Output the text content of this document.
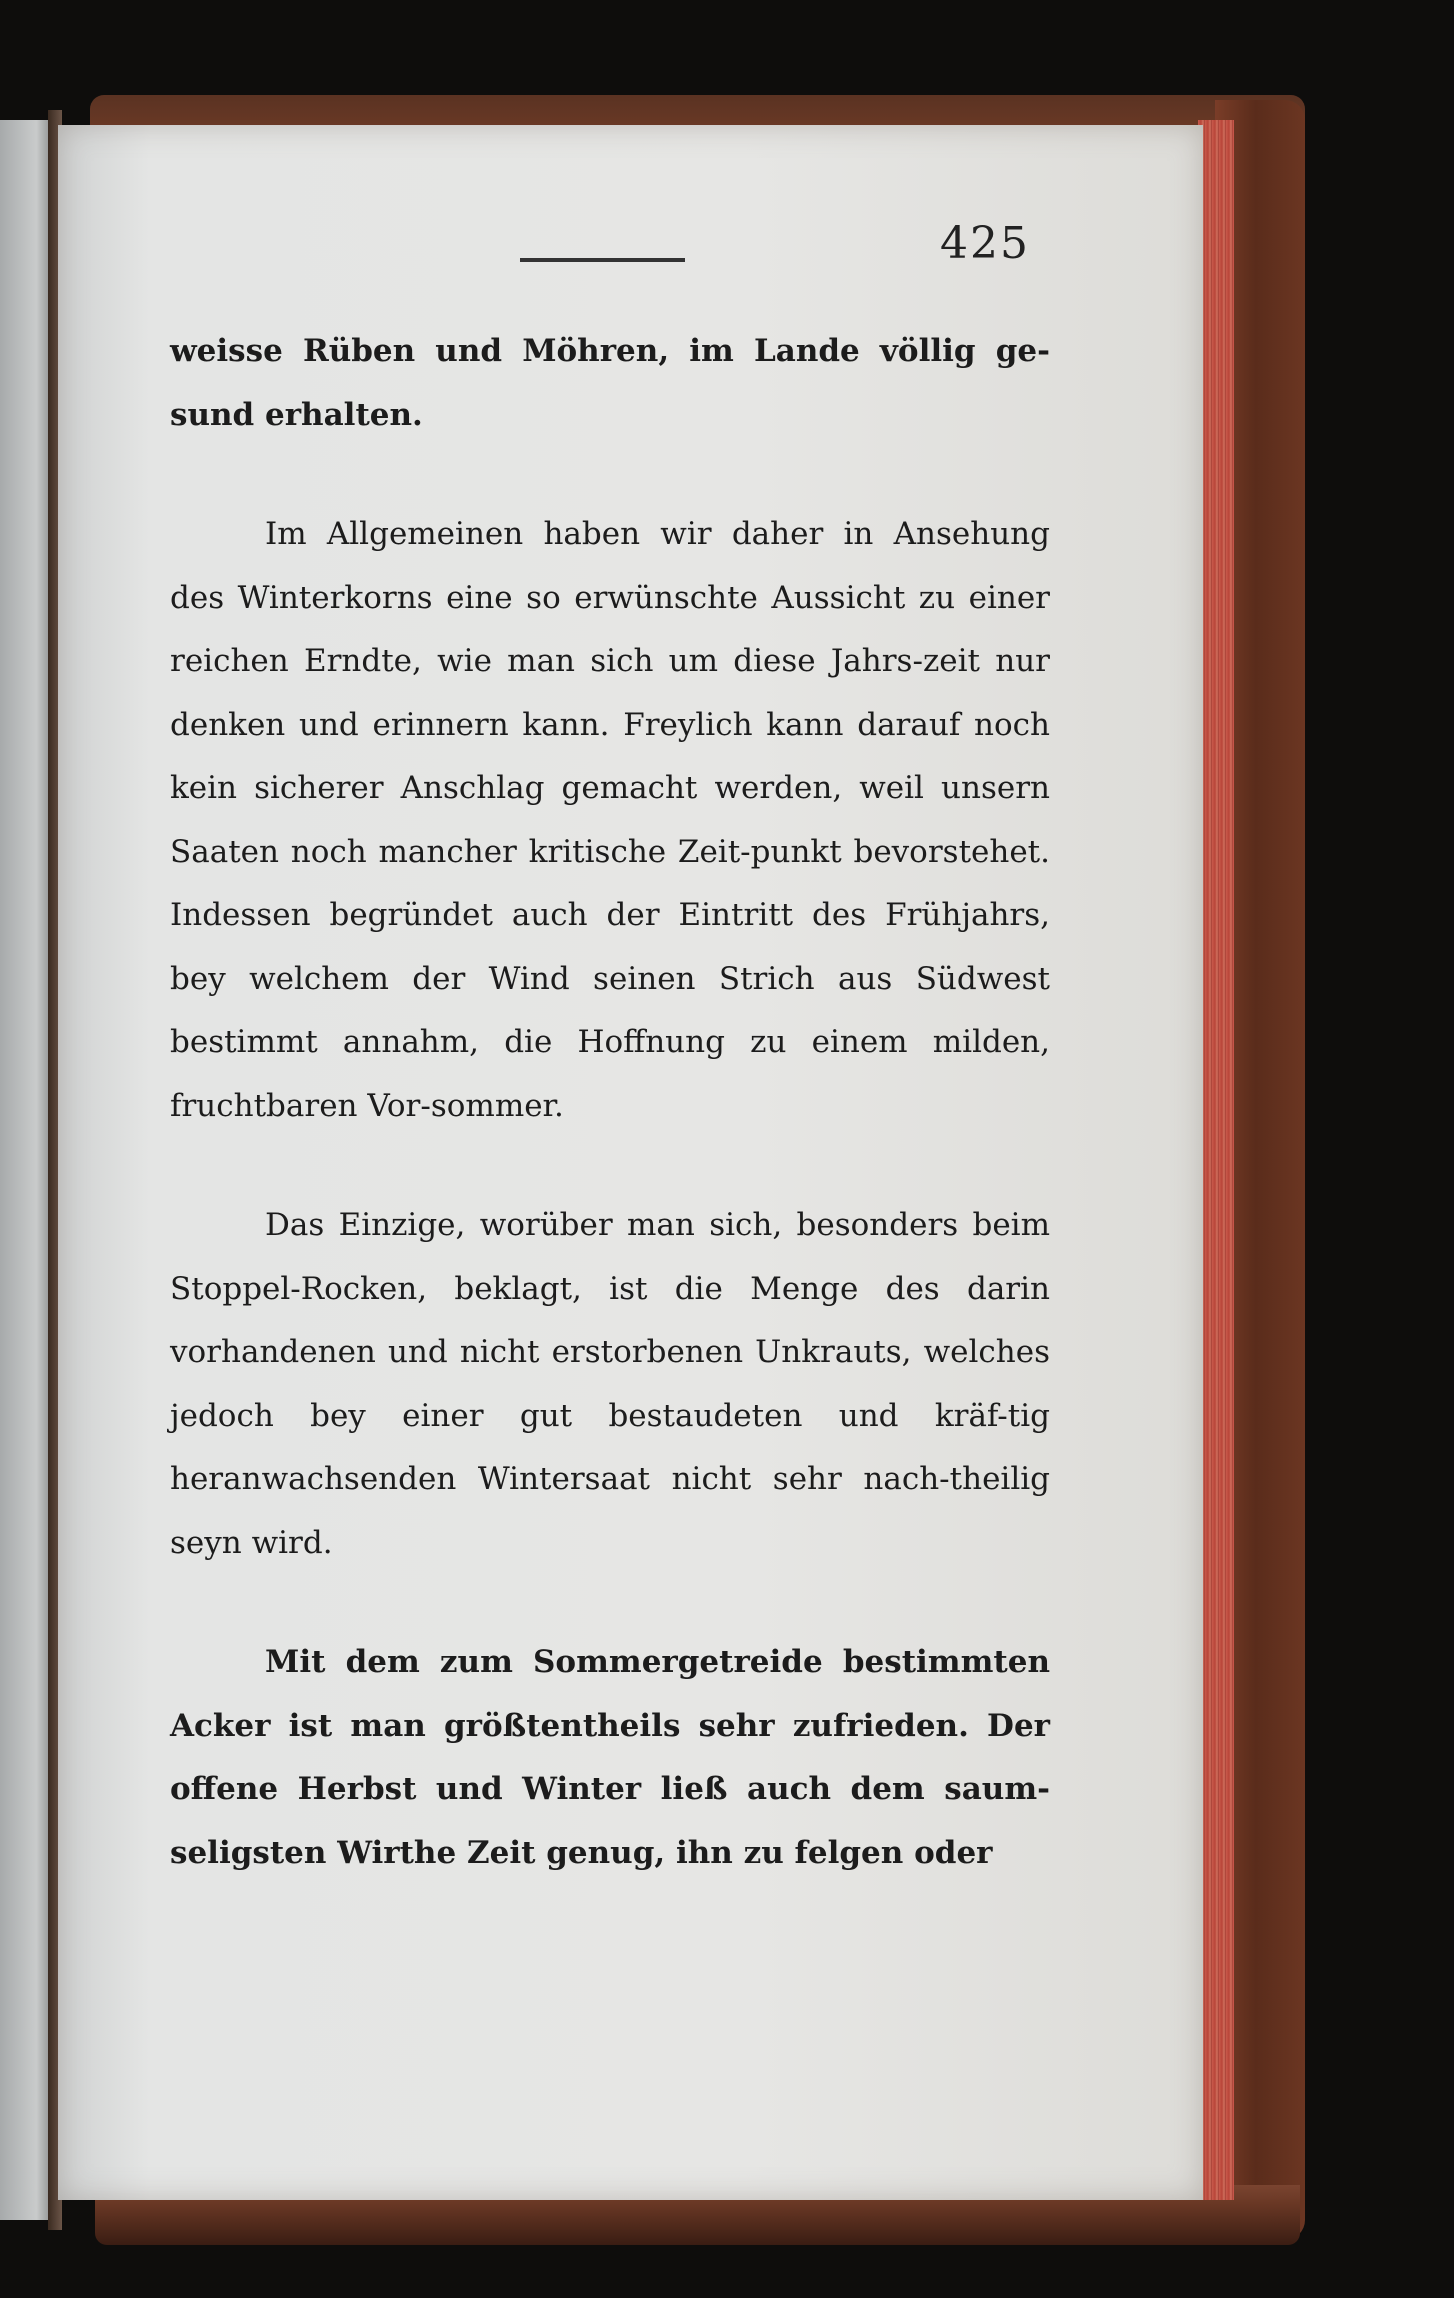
425

weisse Rüben und Möhren, im Lande völlig ge-sund erhalten.

Im Allgemeinen haben wir daher in Ansehung des Winterkorns eine so erwünschte Aussicht zu einer reichen Erndte, wie man sich um diese Jahrs-zeit nur denken und erinnern kann. Freylich kann darauf noch kein sicherer Anschlag gemacht werden, weil unsern Saaten noch mancher kritische Zeit-punkt bevorstehet. Indessen begründet auch der Eintritt des Frühjahrs, bey welchem der Wind seinen Strich aus Südwest bestimmt annahm, die Hoffnung zu einem milden, fruchtbaren Vor-sommer.

Das Einzige, worüber man sich, besonders beim Stoppel-Rocken, beklagt, ist die Menge des darin vorhandenen und nicht erstorbenen Unkrauts, welches jedoch bey einer gut bestaudeten und kräf-tig heranwachsenden Wintersaat nicht sehr nach-theilig seyn wird.

Mit dem zum Sommergetreide bestimmten Acker ist man größtentheils sehr zufrieden. Der offene Herbst und Winter ließ auch dem saum-seligsten Wirthe Zeit genug, ihn zu felgen oder
